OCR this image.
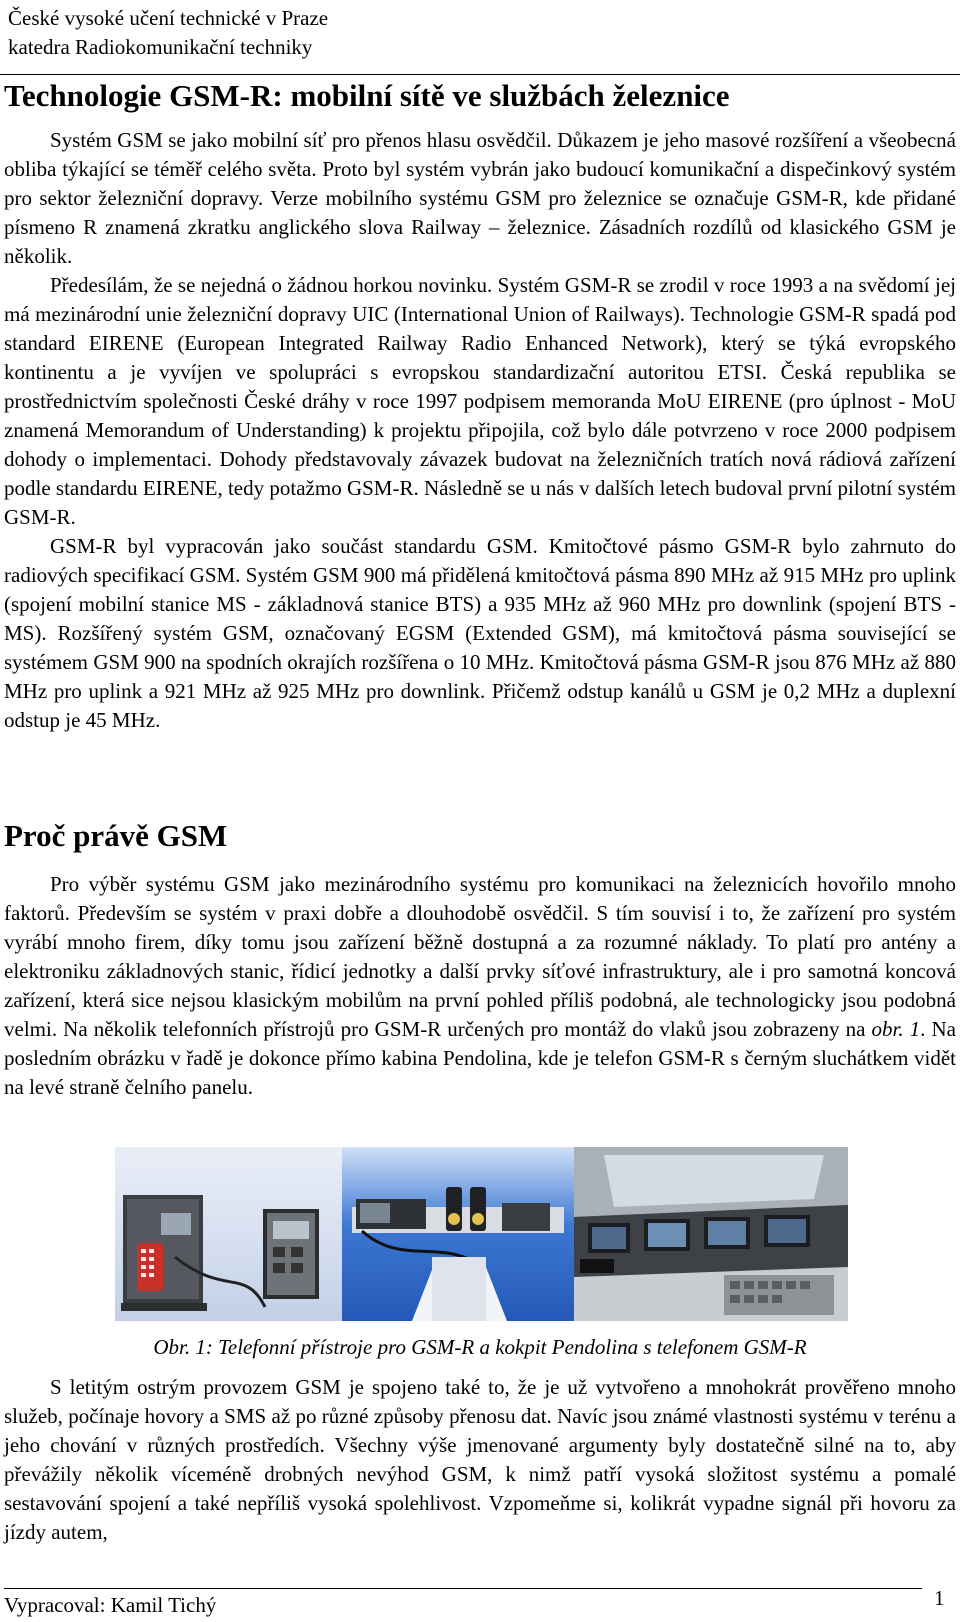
České vysoké učení technické v Praze
katedra Radiokomunikační techniky
Technologie GSM-R: mobilní sítě ve službách železnice

Systém GSM se jako mobilní síť pro přenos hlasu osvědčil. Důkazem je jeho masové rozšíření a všeobecná obliba týkající se téměř celého světa. Proto byl systém vybrán jako budoucí komunikační a dispečinkový systém pro sektor železniční dopravy. Verze mobilního systému GSM pro železnice se označuje GSM-R, kde přidané písmeno R znamená zkratku anglického slova Railway – železnice. Zásadních rozdílů od klasického GSM je několik.

Předesílám, že se nejedná o žádnou horkou novinku. Systém GSM-R se zrodil v roce 1993 a na svědomí jej má mezinárodní unie železniční dopravy UIC (International Union of Railways). Technologie GSM-R spadá pod standard EIRENE (European Integrated Railway Radio Enhanced Network), který se týká evropského kontinentu a je vyvíjen ve spolupráci s evropskou standardizační autoritou ETSI. Česká republika se prostřednictvím společnosti České dráhy v roce 1997 podpisem memoranda MoU EIRENE (pro úplnost - MoU znamená Memorandum of Understanding) k projektu připojila, což bylo dále potvrzeno v roce 2000 podpisem dohody o implementaci. Dohody představovaly závazek budovat na železničních tratích nová rádiová zařízení podle standardu EIRENE, tedy potažmo GSM-R. Následně se u nás v dalších letech budoval první pilotní systém GSM-R.

GSM-R byl vypracován jako součást standardu GSM. Kmitočtové pásmo GSM-R bylo zahrnuto do radiových specifikací GSM. Systém GSM 900 má přidělená kmitočtová pásma 890 MHz až 915 MHz pro uplink (spojení mobilní stanice MS - základnová stanice BTS) a 935 MHz až 960 MHz pro downlink (spojení BTS - MS). Rozšířený systém GSM, označovaný EGSM (Extended GSM), má kmitočtová pásma související se systémem GSM 900 na spodních okrajích rozšířena o 10 MHz. Kmitočtová pásma GSM-R jsou 876 MHz až 880 MHz pro uplink a 921 MHz až 925 MHz pro downlink. Přičemž odstup kanálů u GSM je 0,2 MHz a duplexní odstup je 45 MHz.

Proč právě GSM

Pro výběr systému GSM jako mezinárodního systému pro komunikaci na železnicích hovořilo mnoho faktorů. Především se systém v praxi dobře a dlouhodobě osvědčil. S tím souvisí i to, že zařízení pro systém vyrábí mnoho firem, díky tomu jsou zařízení běžně dostupná a za rozumné náklady. To platí pro antény a elektroniku základnových stanic, řídicí jednotky a další prvky síťové infrastruktury, ale i pro samotná koncová zařízení, která sice nejsou klasickým mobilům na první pohled příliš podobná, ale technologicky jsou podobná velmi. Na několik telefonních přístrojů pro GSM-R určených pro montáž do vlaků jsou zobrazeny na obr. 1. Na posledním obrázku v řadě je dokonce přímo kabina Pendolina, kde je telefon GSM-R s černým sluchátkem vidět na levé straně čelního panelu.

Obr. 1: Telefonní přístroje pro GSM-R a kokpit Pendolina s telefonem GSM-R

S letitým ostrým provozem GSM je spojeno také to, že je už vytvořeno a mnohokrát prověřeno mnoho služeb, počínaje hovory a SMS až po různé způsoby přenosu dat. Navíc jsou známé vlastnosti systému v terénu a jeho chování v různých prostředích. Všechny výše jmenované argumenty byly dostatečně silné na to, aby převážily několik víceméně drobných nevýhod GSM, k nimž patří vysoká složitost systému a pomalé sestavování spojení a také nepříliš vysoká spolehlivost. Vzpomeňme si, kolikrát vypadne signál při hovoru za jízdy autem,

Vypracoval: Kamil Tichý	1
